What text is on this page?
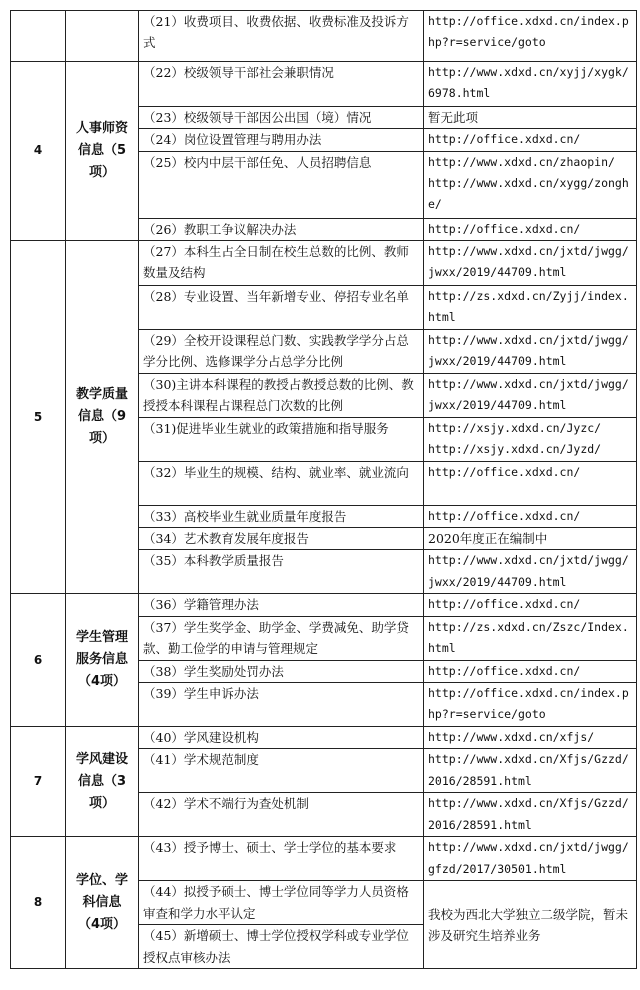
		（21）收费项目、收费依据、收费标准及投诉方式	http://office.xdxd.cn/index.php?r=service/goto
4	人事师资信息（5项）	（22）校级领导干部社会兼职情况	http://www.xdxd.cn/xyjj/xygk/6978.html
		（23）校级领导干部因公出国（境）情况	暂无此项
		（24）岗位设置管理与聘用办法	http://office.xdxd.cn/
		（25）校内中层干部任免、人员招聘信息	http://www.xdxd.cn/zhaopin/
http://www.xdxd.cn/xygg/zonghe/
		（26）教职工争议解决办法	http://office.xdxd.cn/
5	教学质量信息（9项）	（27）本科生占全日制在校生总数的比例、教师数量及结构	http://www.xdxd.cn/jxtd/jwgg/jwxx/2019/44709.html
		（28）专业设置、当年新增专业、停招专业名单	http://zs.xdxd.cn/Zyjj/index.html
		（29）全校开设课程总门数、实践教学学分占总学分比例、选修课学分占总学分比例	http://www.xdxd.cn/jxtd/jwgg/jwxx/2019/44709.html
		（30)主讲本科课程的教授占教授总数的比例、教授授本科课程占课程总门次数的比例	http://www.xdxd.cn/jxtd/jwgg/jwxx/2019/44709.html
		（31)促进毕业生就业的政策措施和指导服务	http://xsjy.xdxd.cn/Jyzc/
http://xsjy.xdxd.cn/Jyzd/
		（32）毕业生的规模、结构、就业率、就业流向	http://office.xdxd.cn/
		（33）高校毕业生就业质量年度报告	http://office.xdxd.cn/
		（34）艺术教育发展年度报告	2020年度正在编制中
		（35）本科教学质量报告	http://www.xdxd.cn/jxtd/jwgg/jwxx/2019/44709.html
6	学生管理服务信息（4项）	（36）学籍管理办法	http://office.xdxd.cn/
		（37）学生奖学金、助学金、学费减免、助学贷款、勤工俭学的申请与管理规定	http://zs.xdxd.cn/Zszc/Index.html
		（38）学生奖励处罚办法	http://office.xdxd.cn/
		（39）学生申诉办法	http://office.xdxd.cn/index.php?r=service/goto
7	学风建设信息（3项）	（40）学风建设机构	http://www.xdxd.cn/xfjs/
		（41）学术规范制度	http://www.xdxd.cn/Xfjs/Gzzd/2016/28591.html
		（42）学术不端行为查处机制	http://www.xdxd.cn/Xfjs/Gzzd/2016/28591.html
8	学位、学科信息（4项）	（43）授予博士、硕士、学士学位的基本要求	http://www.xdxd.cn/jxtd/jwgg/gfzd/2017/30501.html
		（44）拟授予硕士、博士学位同等学力人员资格审查和学力水平认定	我校为西北大学独立二级学院，暂未涉及研究生培养业务
		（45）新增硕士、博士学位授权学科或专业学位授权点审核办法	
